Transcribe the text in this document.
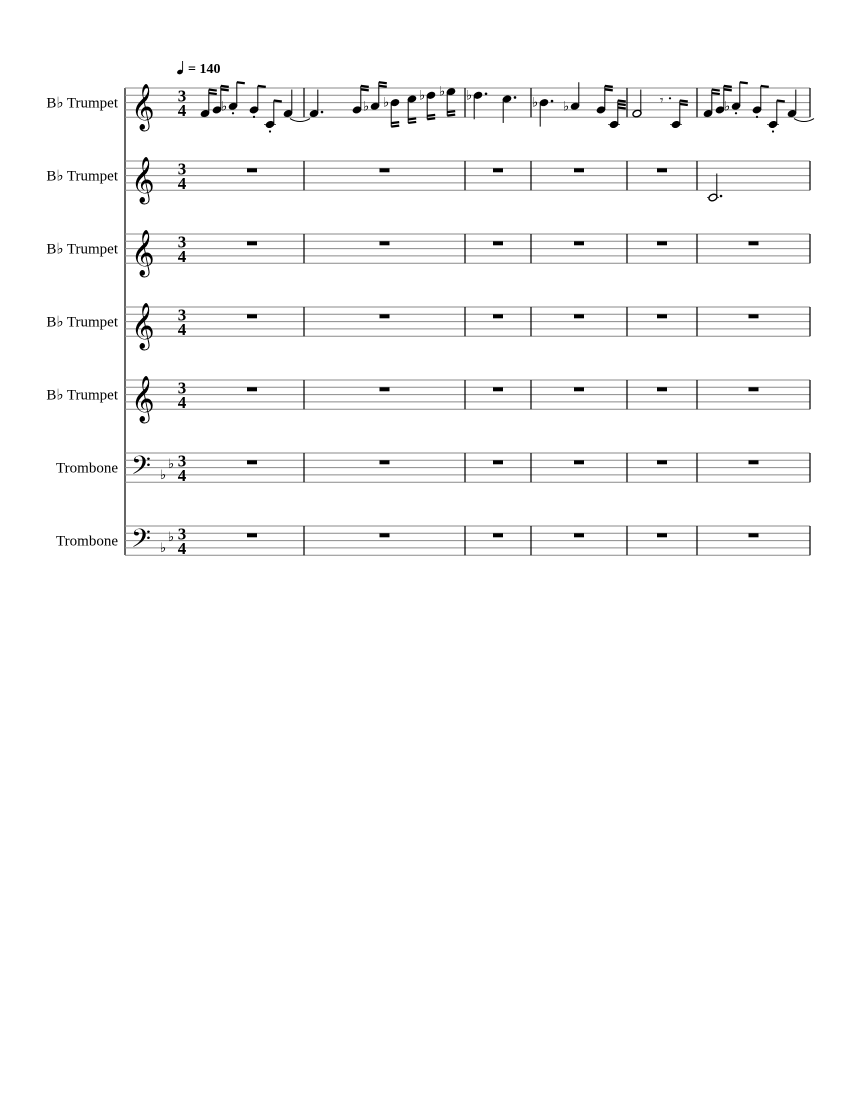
= 140
B♭ Trumpet 𝄞 3
4	♭	♭ ♭ ♭ ♭ ♭	♭ ♭	𝄾	♭
B♭ Trumpet 𝄞 3
4
B♭ Trumpet 𝄞 3
4
B♭ Trumpet 𝄞 3
4
B♭ Trumpet 𝄞 3
4
Trombone 𝄢 ♭
♭ 3
4
Trombone 𝄢 ♭
♭ 3
4
